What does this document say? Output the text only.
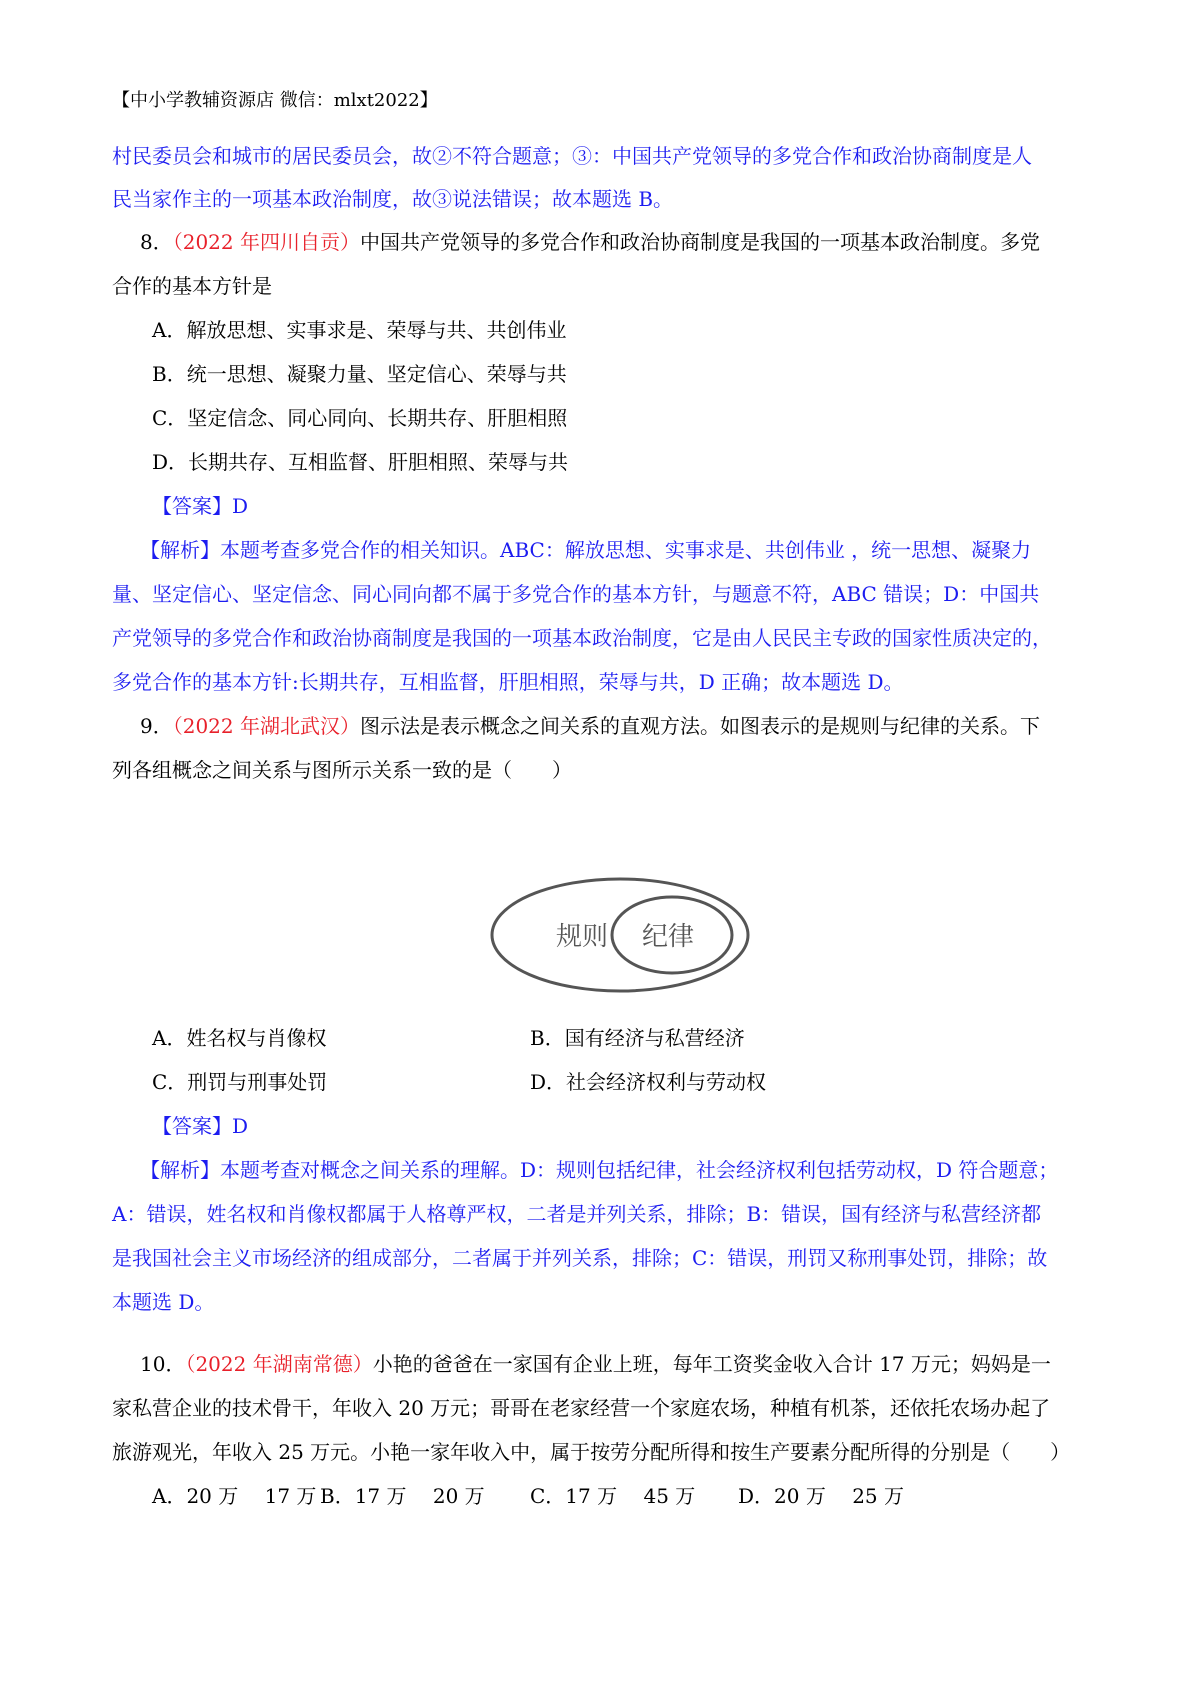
【中小学教辅资源店 微信：mlxt2022】

村民委员会和城市的居民委员会，故②不符合题意；③：中国共产党领导的多党合作和政治协商制度是人

民当家作主的一项基本政治制度，故③说法错误；故本题选 B。

8．（2022 年四川自贡）中国共产党领导的多党合作和政治协商制度是我国的一项基本政治制度。多党

合作的基本方针是

A．解放思想、实事求是、荣辱与共、共创伟业

B．统一思想、凝聚力量、坚定信心、荣辱与共

C．坚定信念、同心同向、长期共存、肝胆相照

D．长期共存、互相监督、肝胆相照、荣辱与共

【答案】D

【解析】本题考查多党合作的相关知识。ABC：解放思想、实事求是、共创伟业 ，统一思想、凝聚力

量、坚定信心、坚定信念、同心同向都不属于多党合作的基本方针，与题意不符，ABC 错误；D：中国共

产党领导的多党合作和政治协商制度是我国的一项基本政治制度，它是由人民民主专政的国家性质决定的，

多党合作的基本方针:长期共存，互相监督，肝胆相照，荣辱与共，D 正确；故本题选 D。

9．（2022 年湖北武汉）图示法是表示概念之间关系的直观方法。如图表示的是规则与纪律的关系。下

列各组概念之间关系与图所示关系一致的是（　　）

规则 纪律
A．姓名权与肖像权	B．国有经济与私营经济
C．刑罚与刑事处罚	D．社会经济权利与劳动权

【答案】D

【解析】本题考查对概念之间关系的理解。D：规则包括纪律，社会经济权利包括劳动权，D 符合题意；

A：错误，姓名权和肖像权都属于人格尊严权，二者是并列关系，排除；B：错误，国有经济与私营经济都

是我国社会主义市场经济的组成部分，二者属于并列关系，排除；C：错误，刑罚又称刑事处罚，排除；故

本题选 D。

10．（2022 年湖南常德）小艳的爸爸在一家国有企业上班，每年工资奖金收入合计 17 万元；妈妈是一

家私营企业的技术骨干，年收入 20 万元；哥哥在老家经营一个家庭农场，种植有机茶，还依托农场办起了

旅游观光，年收入 25 万元。小艳一家年收入中，属于按劳分配所得和按生产要素分配所得的分别是（　　）

A．20 万　 17 万 B．17 万　 20 万 C．17 万　 45 万 D．20 万　 25 万
